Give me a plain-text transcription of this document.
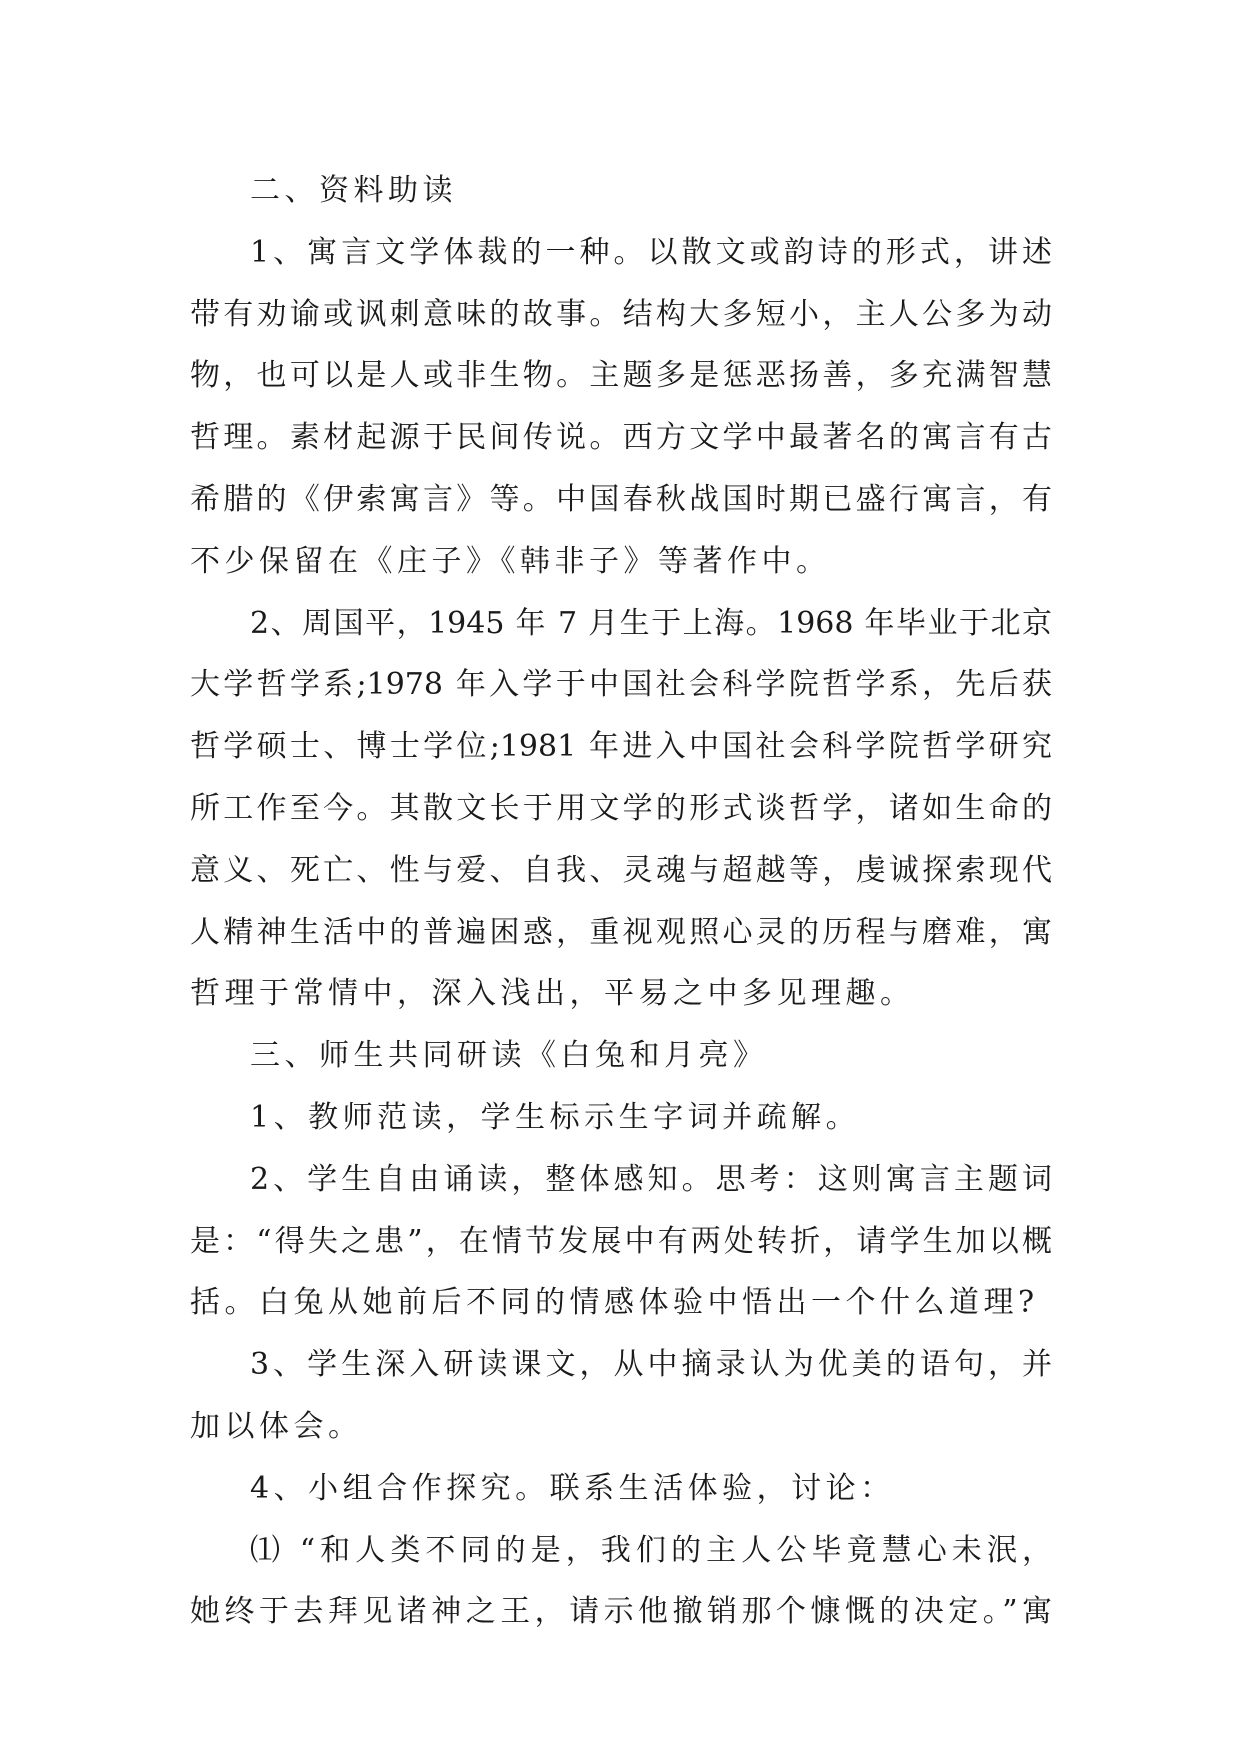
二、资料助读
1、寓言文学体裁的一种。以散文或韵诗的形式，讲述
带有劝谕或讽刺意味的故事。结构大多短小，主人公多为动
物，也可以是人或非生物。主题多是惩恶扬善，多充满智慧
哲理。素材起源于民间传说。西方文学中最著名的寓言有古
希腊的《伊索寓言》等。中国春秋战国时期已盛行寓言，有
不少保留在《庄子》《韩非子》等著作中。
2、周国平，1945 年 7 月生于上海。1968 年毕业于北京
大学哲学系;1978 年入学于中国社会科学院哲学系，先后获
哲学硕士、博士学位;1981 年进入中国社会科学院哲学研究
所工作至今。其散文长于用文学的形式谈哲学，诸如生命的
意义、死亡、性与爱、自我、灵魂与超越等，虔诚探索现代
人精神生活中的普遍困惑，重视观照心灵的历程与磨难，寓
哲理于常情中，深入浅出，平易之中多见理趣。
三、师生共同研读《白兔和月亮》
1、教师范读，学生标示生字词并疏解。
2、学生自由诵读，整体感知。思考：这则寓言主题词
是：“得失之患”，在情节发展中有两处转折，请学生加以概
括。白兔从她前后不同的情感体验中悟出一个什么道理?
3、学生深入研读课文，从中摘录认为优美的语句，并
加以体会。
4、小组合作探究。联系生活体验，讨论：
⑴ “和人类不同的是，我们的主人公毕竟慧心未泯，
她终于去拜见诸神之王，请示他撤销那个慷慨的决定。”寓
